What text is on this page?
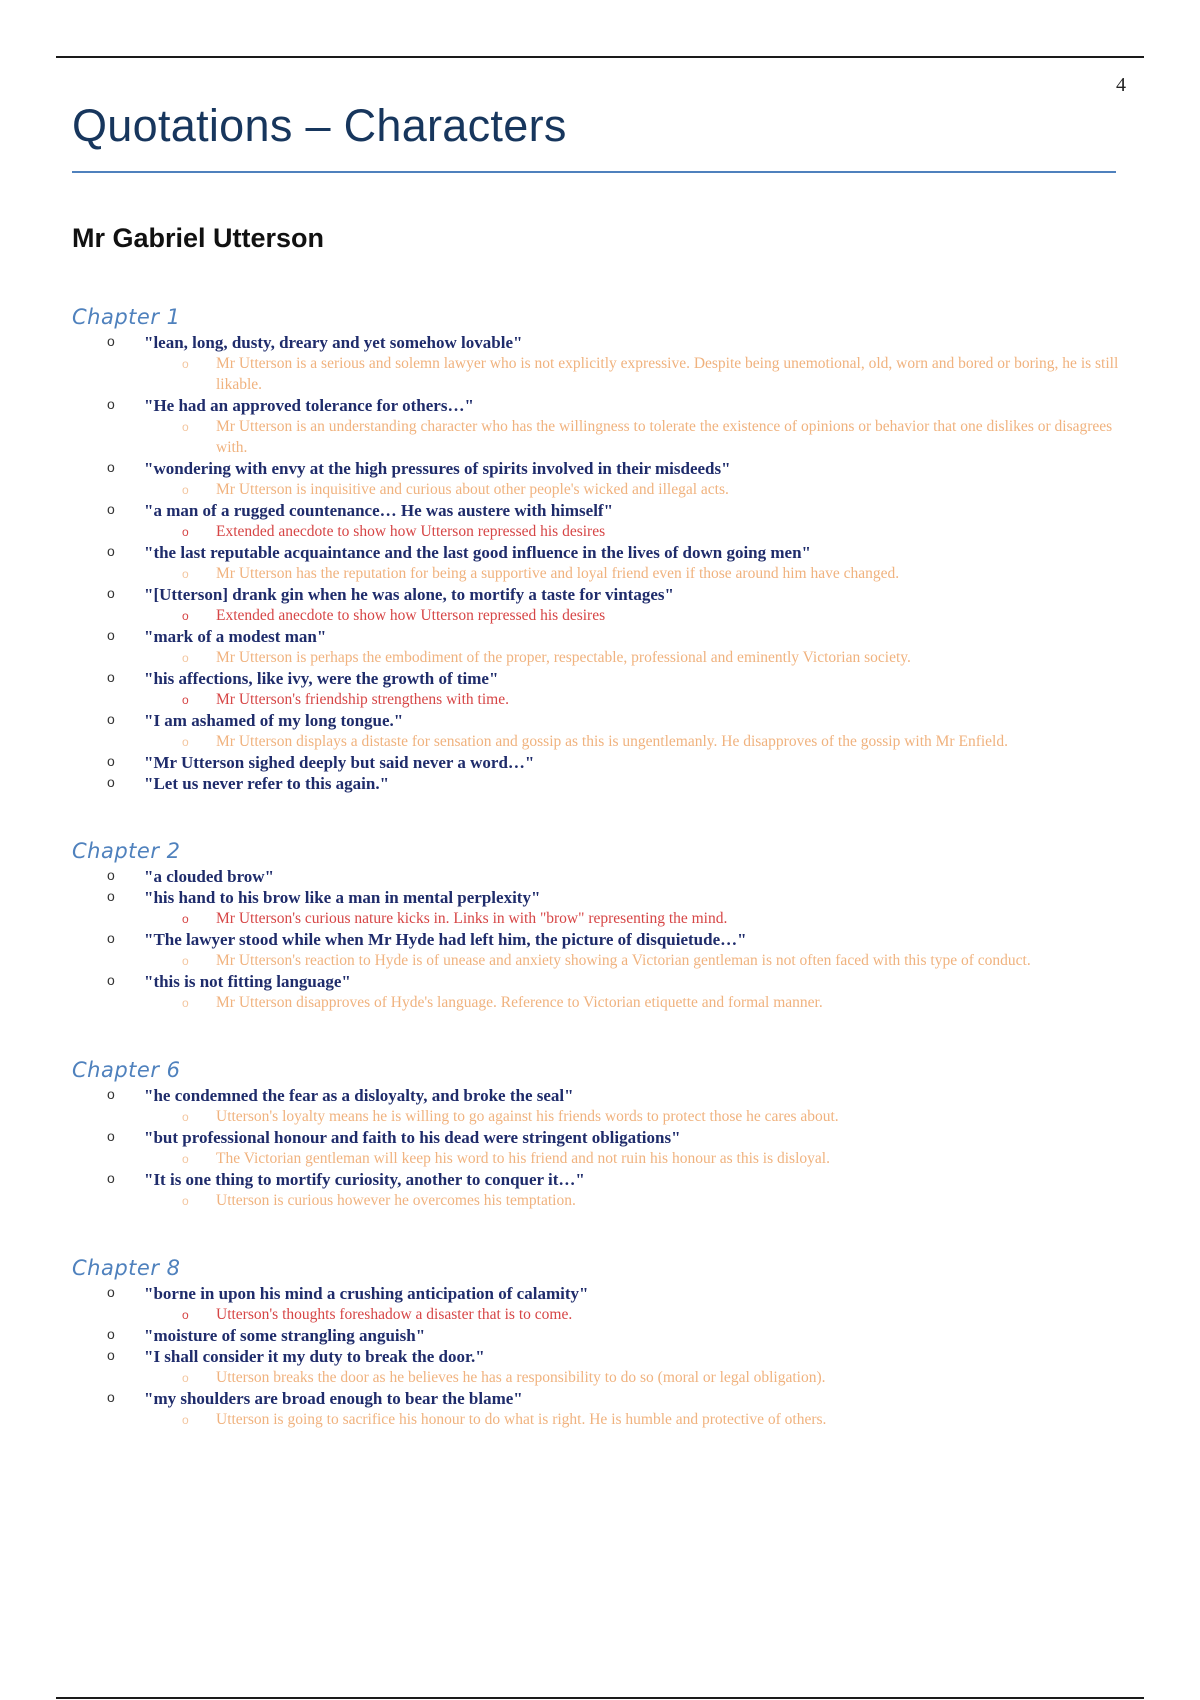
4
Quotations – Characters
Mr Gabriel Utterson
Chapter 1
o "lean, long, dusty, dreary and yet somehow lovable"
o Mr Utterson is a serious and solemn lawyer who is not explicitly expressive. Despite being unemotional, old, worn and bored or boring, he is still likable.
o "He had an approved tolerance for others…"
o Mr Utterson is an understanding character who has the willingness to tolerate the existence of opinions or behavior that one dislikes or disagrees with.
o "wondering with envy at the high pressures of spirits involved in their misdeeds"
o Mr Utterson is inquisitive and curious about other people's wicked and illegal acts.
o "a man of a rugged countenance… He was austere with himself"
o Extended anecdote to show how Utterson repressed his desires
o "the last reputable acquaintance and the last good influence in the lives of down going men"
o Mr Utterson has the reputation for being a supportive and loyal friend even if those around him have changed.
o "[Utterson] drank gin when he was alone, to mortify a taste for vintages"
o Extended anecdote to show how Utterson repressed his desires
o "mark of a modest man"
o Mr Utterson is perhaps the embodiment of the proper, respectable, professional and eminently Victorian society.
o "his affections, like ivy, were the growth of time"
o Mr Utterson's friendship strengthens with time.
o "I am ashamed of my long tongue."
o Mr Utterson displays a distaste for sensation and gossip as this is ungentlemanly. He disapproves of the gossip with Mr Enfield.
o "Mr Utterson sighed deeply but said never a word…"
o "Let us never refer to this again."
Chapter 2
o "a clouded brow"
o "his hand to his brow like a man in mental perplexity"
o Mr Utterson's curious nature kicks in. Links in with "brow" representing the mind.
o "The lawyer stood while when Mr Hyde had left him, the picture of disquietude…"
o Mr Utterson's reaction to Hyde is of unease and anxiety showing a Victorian gentleman is not often faced with this type of conduct.
o "this is not fitting language"
o Mr Utterson disapproves of Hyde's language. Reference to Victorian etiquette and formal manner.
Chapter 6
o "he condemned the fear as a disloyalty, and broke the seal"
o Utterson's loyalty means he is willing to go against his friends words to protect those he cares about.
o "but professional honour and faith to his dead were stringent obligations"
o The Victorian gentleman will keep his word to his friend and not ruin his honour as this is disloyal.
o "It is one thing to mortify curiosity, another to conquer it…"
o Utterson is curious however he overcomes his temptation.
Chapter 8
o "borne in upon his mind a crushing anticipation of calamity"
o Utterson's thoughts foreshadow a disaster that is to come.
o "moisture of some strangling anguish"
o "I shall consider it my duty to break the door."
o Utterson breaks the door as he believes he has a responsibility to do so (moral or legal obligation).
o "my shoulders are broad enough to bear the blame"
o Utterson is going to sacrifice his honour to do what is right. He is humble and protective of others.
